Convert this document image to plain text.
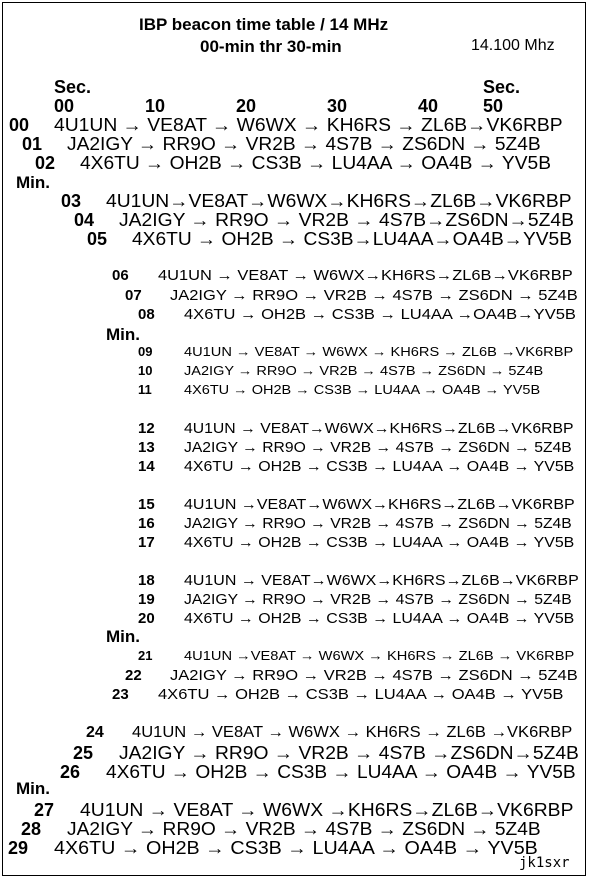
IBP beacon time table / 14 MHz
00-min thr 30-min	14.100 Mhz
Sec.	Sec.
00	10	20	30	40 50
00 4U1UN → VE8AT → W6WX → KH6RS → ZL6B→VK6RBP
01 JA2IGY → RR9O → VR2B → 4S7B → ZS6DN → 5Z4B
02 4X6TU → OH2B → CS3B → LU4AA → OA4B → YV5B
03 4U1UN→VE8AT→W6WX→KH6RS→ZL6B→VK6RBP
04 JA2IGY → RR9O → VR2B → 4S7B→ZS6DN→5Z4B
05 4X6TU → OH2B → CS3B→LU4AA→OA4B→YV5B
06 4U1UN → VE8AT → W6WX→KH6RS→ZL6B→VK6RBP
07 JA2IGY → RR9O → VR2B → 4S7B → ZS6DN → 5Z4B
08 4X6TU → OH2B → CS3B → LU4AA →OA4B→YV5B
09 4U1UN → VE8AT → W6WX → KH6RS → ZL6B →VK6RBP
10 JA2IGY → RR9O → VR2B → 4S7B → ZS6DN → 5Z4B
11 4X6TU → OH2B → CS3B → LU4AA → OA4B → YV5B
12 4U1UN → VE8AT→W6WX→KH6RS→ZL6B→VK6RBP
13 JA2IGY → RR9O → VR2B → 4S7B → ZS6DN → 5Z4B
14 4X6TU → OH2B → CS3B → LU4AA → OA4B → YV5B
15 4U1UN →VE8AT→W6WX→KH6RS→ZL6B→VK6RBP
16 JA2IGY → RR9O → VR2B → 4S7B → ZS6DN → 5Z4B
17 4X6TU → OH2B → CS3B → LU4AA → OA4B → YV5B
18 4U1UN → VE8AT→W6WX→KH6RS→ZL6B→VK6RBP
19 JA2IGY → RR9O → VR2B → 4S7B → ZS6DN → 5Z4B
20 4X6TU → OH2B → CS3B → LU4AA → OA4B → YV5B
21 4U1UN →VE8AT → W6WX → KH6RS → ZL6B → VK6RBP
22 JA2IGY → RR9O → VR2B → 4S7B → ZS6DN → 5Z4B
23 4X6TU → OH2B → CS3B → LU4AA → OA4B → YV5B
24 4U1UN → VE8AT → W6WX → KH6RS → ZL6B →VK6RBP
25 JA2IGY → RR9O → VR2B → 4S7B →ZS6DN→5Z4B
26 4X6TU → OH2B → CS3B → LU4AA → OA4B → YV5B
27 4U1UN → VE8AT → W6WX →KH6RS→ZL6B→VK6RBP
28 JA2IGY → RR9O → VR2B → 4S7B → ZS6DN → 5Z4B
29 4X6TU → OH2B → CS3B → LU4AA → OA4B → YV5B
Min.
Min.
Min.
Min.
jk1sxr
